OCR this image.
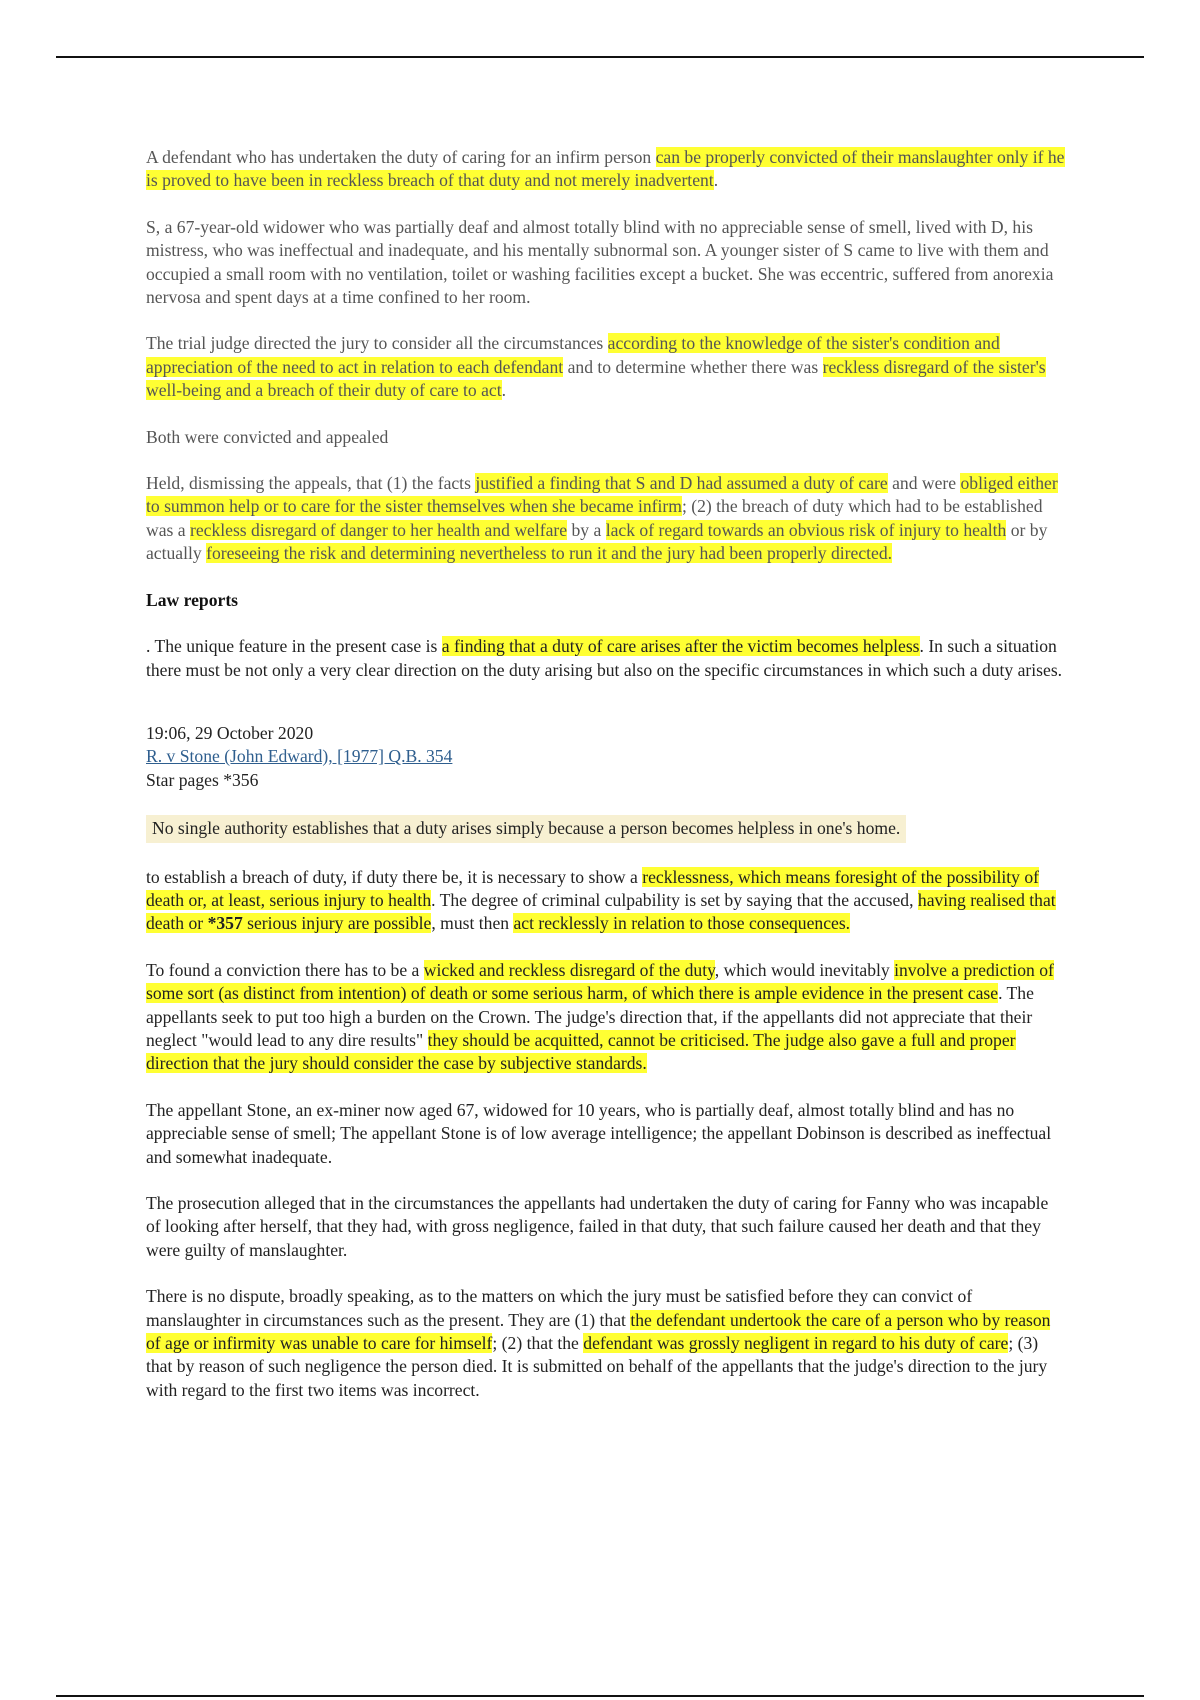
A defendant who has undertaken the duty of caring for an infirm person can be properly convicted of their manslaughter only if he is proved to have been in reckless breach of that duty and not merely inadvertent.

S, a 67-year-old widower who was partially deaf and almost totally blind with no appreciable sense of smell, lived with D, his mistress, who was ineffectual and inadequate, and his mentally subnormal son. A younger sister of S came to live with them and occupied a small room with no ventilation, toilet or washing facilities except a bucket. She was eccentric, suffered from anorexia nervosa and spent days at a time confined to her room.

The trial judge directed the jury to consider all the circumstances according to the knowledge of the sister's condition and appreciation of the need to act in relation to each defendant and to determine whether there was reckless disregard of the sister's well-being and a breach of their duty of care to act.

Both were convicted and appealed

Held, dismissing the appeals, that (1) the facts justified a finding that S and D had assumed a duty of care and were obliged either to summon help or to care for the sister themselves when she became infirm; (2) the breach of duty which had to be established was a reckless disregard of danger to her health and welfare by a lack of regard towards an obvious risk of injury to health or by actually foreseeing the risk and determining nevertheless to run it and the jury had been properly directed.

Law reports

. The unique feature in the present case is a finding that a duty of care arises after the victim becomes helpless. In such a situation there must be not only a very clear direction on the duty arising but also on the specific circumstances in which such a duty arises.

19:06, 29 October 2020
R. v Stone (John Edward), [1977] Q.B. 354
Star pages *356

No single authority establishes that a duty arises simply because a person becomes helpless in one's home.

to establish a breach of duty, if duty there be, it is necessary to show a recklessness, which means foresight of the possibility of death or, at least, serious injury to health. The degree of criminal culpability is set by saying that the accused, having realised that death or *357 serious injury are possible, must then act recklessly in relation to those consequences.

To found a conviction there has to be a wicked and reckless disregard of the duty, which would inevitably involve a prediction of some sort (as distinct from intention) of death or some serious harm, of which there is ample evidence in the present case. The appellants seek to put too high a burden on the Crown. The judge's direction that, if the appellants did not appreciate that their neglect "would lead to any dire results" they should be acquitted, cannot be criticised. The judge also gave a full and proper direction that the jury should consider the case by subjective standards.

The appellant Stone, an ex-miner now aged 67, widowed for 10 years, who is partially deaf, almost totally blind and has no appreciable sense of smell; The appellant Stone is of low average intelligence; the appellant Dobinson is described as ineffectual and somewhat inadequate.

The prosecution alleged that in the circumstances the appellants had undertaken the duty of caring for Fanny who was incapable of looking after herself, that they had, with gross negligence, failed in that duty, that such failure caused her death and that they were guilty of manslaughter.

There is no dispute, broadly speaking, as to the matters on which the jury must be satisfied before they can convict of manslaughter in circumstances such as the present. They are (1) that the defendant undertook the care of a person who by reason of age or infirmity was unable to care for himself; (2) that the defendant was grossly negligent in regard to his duty of care; (3) that by reason of such negligence the person died. It is submitted on behalf of the appellants that the judge's direction to the jury with regard to the first two items was incorrect.
